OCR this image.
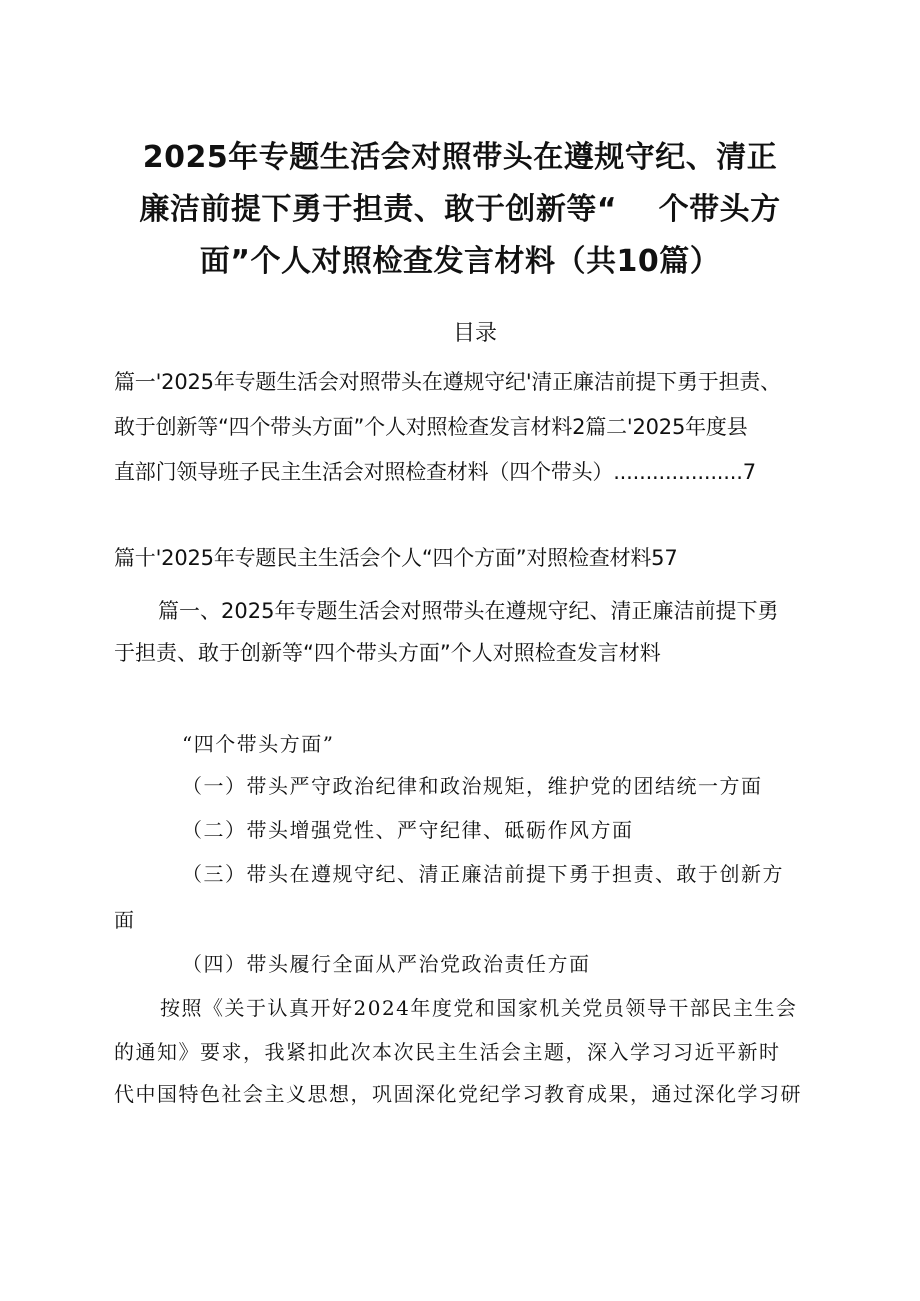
2025年专题生活会对照带头在遵规守纪、清正
廉洁前提下勇于担责、敢于创新等“　 个带头方
面”个人对照检查发言材料（共10篇）
目录
篇一'2025年专题生活会对照带头在遵规守纪'清正廉洁前提下勇于担责、
敢于创新等“四个带头方面”个人对照检查发言材料2篇二'2025年度县
直部门领导班子民主生活会对照检查材料（四个带头）....................7
篇十'2025年专题民主生活会个人“四个方面”对照检查材料57
篇一、2025年专题生活会对照带头在遵规守纪、清正廉洁前提下勇
于担责、敢于创新等“四个带头方面”个人对照检查发言材料
“四个带头方面”
（一）带头严守政治纪律和政治规矩，维护党的团结统一方面
（二）带头增强党性、严守纪律、砥砺作风方面
（三）带头在遵规守纪、清正廉洁前提下勇于担责、敢于创新方
面
（四）带头履行全面从严治党政治责任方面
按照《关于认真开好2024年度党和国家机关党员领导干部民主生会
的通知》要求，我紧扣此次本次民主生活会主题，深入学习习近平新时
代中国特色社会主义思想，巩固深化党纪学习教育成果，通过深化学习研
